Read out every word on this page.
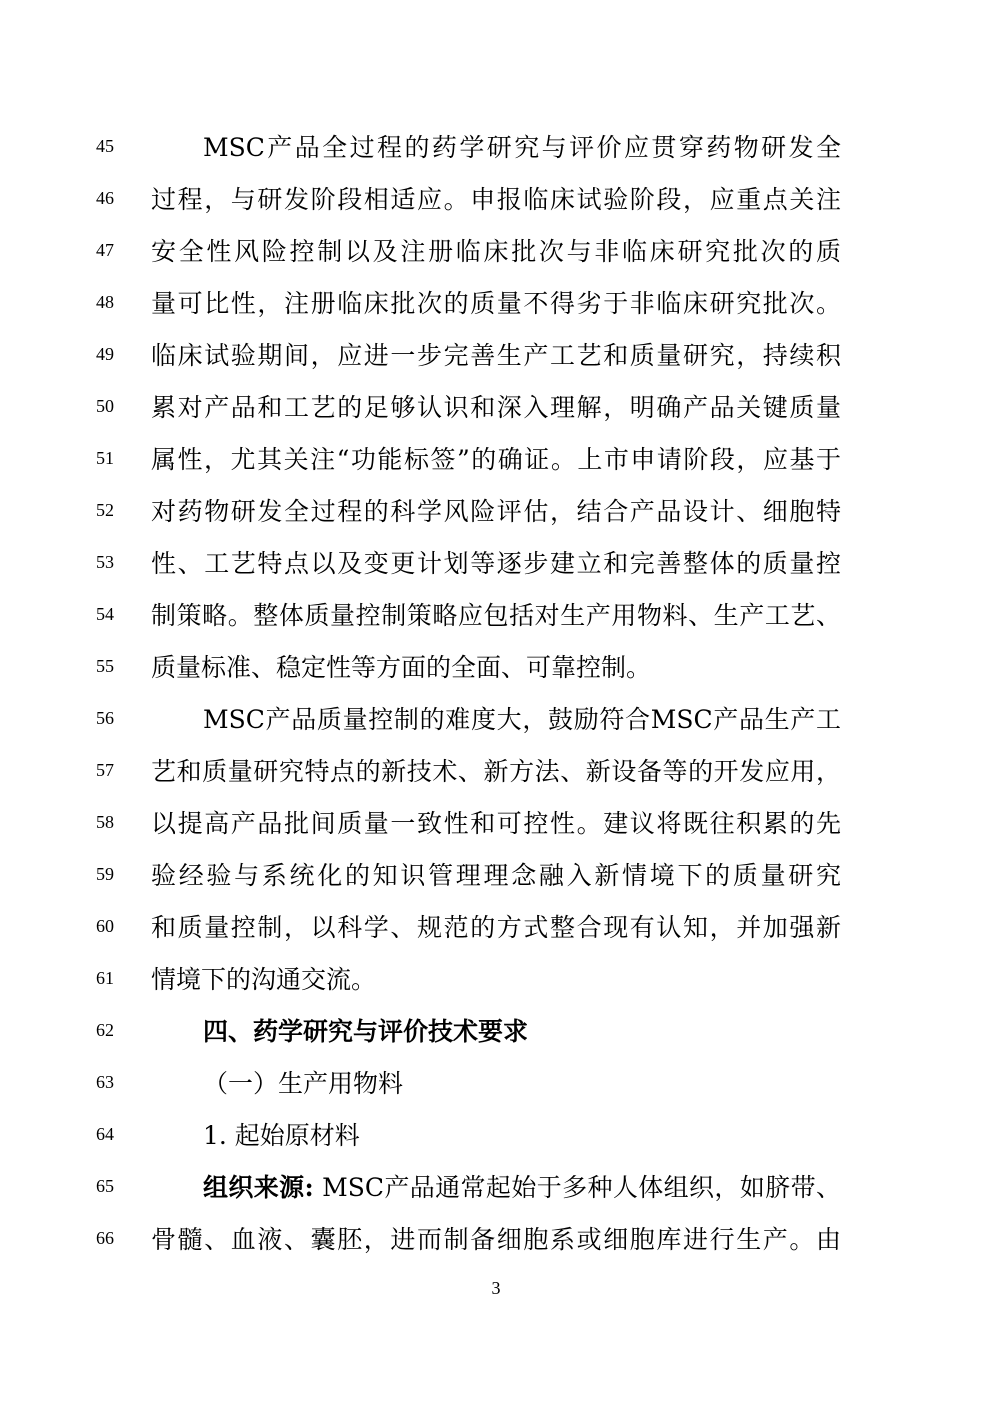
45	MSC产品全过程的药学研究与评价应贯穿药物研发全
46	过程，与研发阶段相适应。申报临床试验阶段，应重点关注
47	安全性风险控制以及注册临床批次与非临床研究批次的质
48	量可比性，注册临床批次的质量不得劣于非临床研究批次。
49	临床试验期间，应进一步完善生产工艺和质量研究，持续积
50	累对产品和工艺的足够认识和深入理解，明确产品关键质量
51	属性，尤其关注“功能标签”的确证。上市申请阶段，应基于
52	对药物研发全过程的科学风险评估，结合产品设计、细胞特
53	性、工艺特点以及变更计划等逐步建立和完善整体的质量控
54	制策略。整体质量控制策略应包括对生产用物料、生产工艺、
55	质量标准、稳定性等方面的全面、可靠控制。
56	MSC产品质量控制的难度大，鼓励符合MSC产品生产工
57	艺和质量研究特点的新技术、新方法、新设备等的开发应用，
58	以提高产品批间质量一致性和可控性。建议将既往积累的先
59	验经验与系统化的知识管理理念融入新情境下的质量研究
60	和质量控制，以科学、规范的方式整合现有认知，并加强新
61	情境下的沟通交流。
62	四、药学研究与评价技术要求
63	（一）生产用物料
64	1. 起始原材料
65	组织来源: MSC产品通常起始于多种人体组织，如脐带、
66	骨髓、血液、囊胚，进而制备细胞系或细胞库进行生产。由
3
